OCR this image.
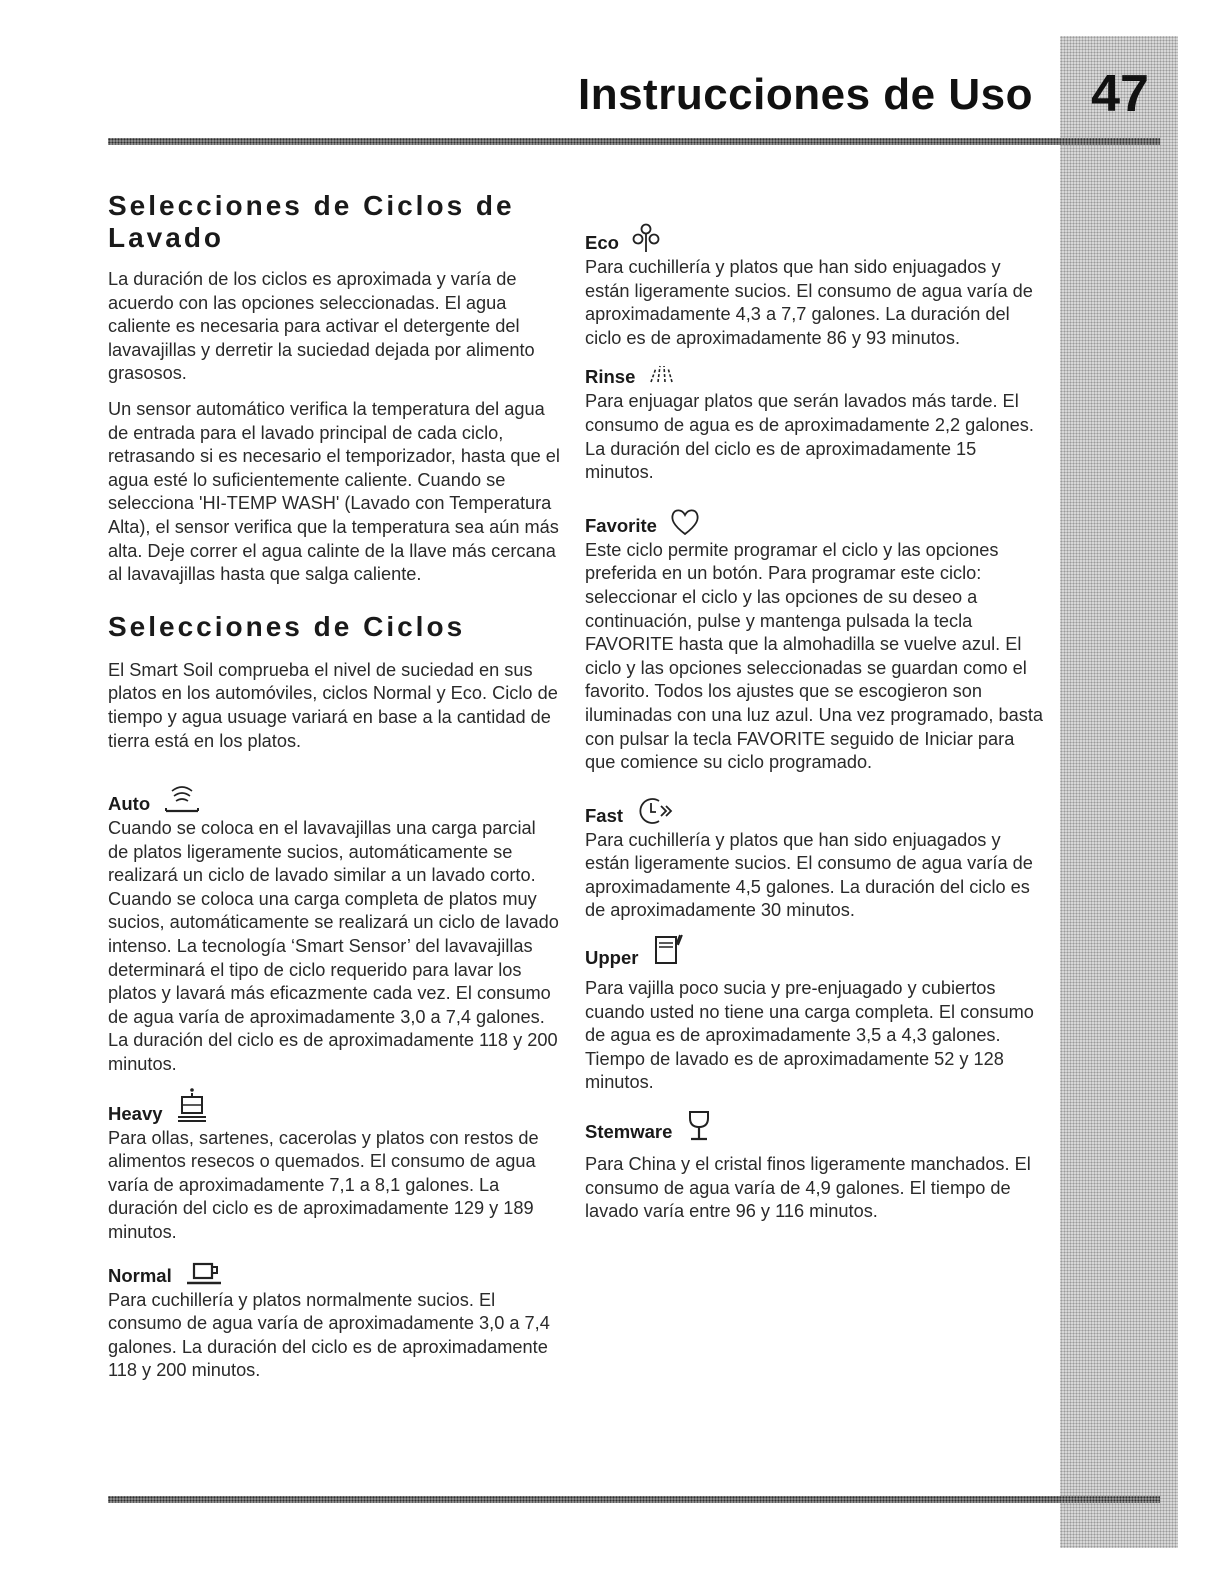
Instrucciones de Uso	47
Selecciones de Ciclos de
Lavado

La duración de los ciclos es aproximada y varía de acuerdo con las opciones seleccionadas. El agua caliente es necesaria para activar el detergente del lavavajillas y derretir la suciedad dejada por alimento grasosos.

Un sensor automático verifica la temperatura del agua de entrada para el lavado principal de cada ciclo, retrasando si es necesario el temporizador, hasta que el agua esté lo suficientemente caliente. Cuando se selecciona 'HI-TEMP WASH' (Lavado con Temperatura Alta), el sensor verifica que la temperatura sea aún más alta. Deje correr el agua calinte de la llave más cercana al lavavajillas hasta que salga caliente.

Selecciones de Ciclos

El Smart Soil comprueba el nivel de suciedad en sus platos en los automóviles, ciclos Normal y Eco. Ciclo de tiempo y agua usuage variará en base a la cantidad de tierra está en los platos.

Auto

Cuando se coloca en el lavavajillas una carga parcial de platos ligeramente sucios, automáticamente se realizará un ciclo de lavado similar a un lavado corto. Cuando se coloca una carga completa de platos muy sucios, automáticamente se realizará un ciclo de lavado intenso. La tecnología ‘Smart Sensor’ del lavavajillas determinará el tipo de ciclo requerido para lavar los platos y lavará más eficazmente cada vez. El consumo de agua varía de aproximadamente 3,0 a 7,4 galones. La duración del ciclo es de aproximadamente 118 y 200 minutos.

Heavy

Para ollas, sartenes, cacerolas y platos con restos de alimentos resecos o quemados. El consumo de agua varía de aproximadamente 7,1 a 8,1 galones. La duración del ciclo es de aproximadamente 129 y 189 minutos.

Normal

Para cuchillería y platos normalmente sucios. El consumo de agua varía de aproximadamente 3,0 a 7,4 galones. La duración del ciclo es de aproximadamente 118 y 200 minutos.

Eco

Para cuchillería y platos que han sido enjuagados y están ligeramente sucios. El consumo de agua varía de aproximadamente 4,3 a 7,7 galones. La duración del ciclo es de aproximadamente 86 y 93 minutos.

Rinse

Para enjuagar platos que serán lavados más tarde. El consumo de agua es de aproximadamente 2,2 galones. La duración del ciclo es de aproximadamente 15 minutos.

Favorite

Este ciclo permite programar el ciclo y las opciones preferida en un botón. Para programar este ciclo: seleccionar el ciclo y las opciones de su deseo a continuación, pulse y mantenga pulsada la tecla FAVORITE hasta que la almohadilla se vuelve azul. El ciclo y las opciones seleccionadas se guardan como el favorito. Todos los ajustes que se escogieron son iluminadas con una luz azul. Una vez programado, basta con pulsar la tecla FAVORITE seguido de Iniciar para que comience su ciclo programado.

Fast

Para cuchillería y platos que han sido enjuagados y están ligeramente sucios. El consumo de agua varía de aproximadamente 4,5 galones. La duración del ciclo es de aproximadamente 30 minutos.

Upper

Para vajilla poco sucia y pre-enjuagado y cubiertos cuando usted no tiene una carga completa. El consumo de agua es de aproximadamente 3,5 a 4,3 galones. Tiempo de lavado es de aproximadamente 52 y 128 minutos.

Stemware

Para China y el cristal finos ligeramente manchados. El consumo de agua varía de 4,9 galones. El tiempo de lavado varía entre 96 y 116 minutos.
